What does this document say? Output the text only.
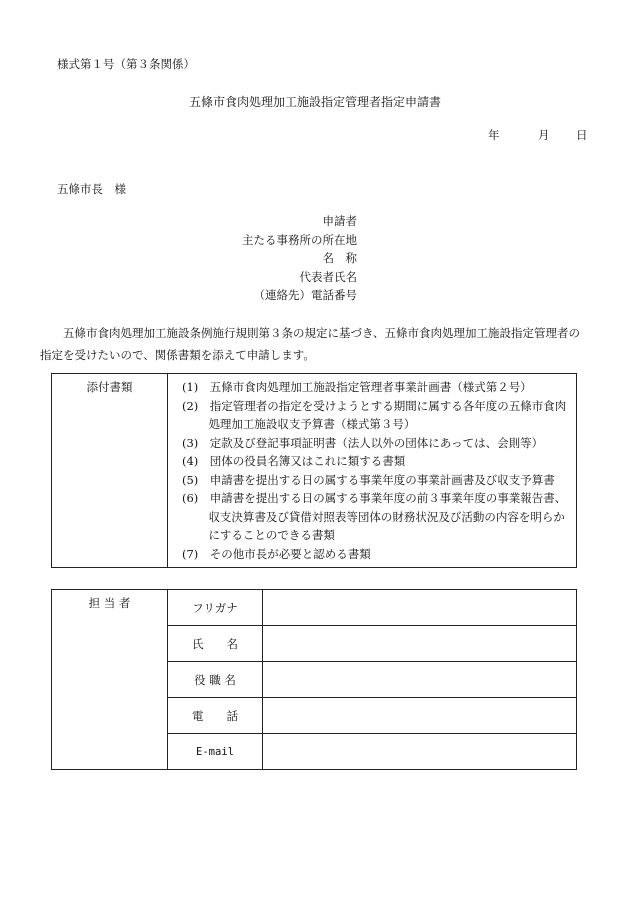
様式第１号（第３条関係）
五條市食肉処理加工施設指定管理者指定申請書
年	月 日
五條市長　様
申請者
主たる事務所の所在地
名　称
代表者氏名
（連絡先）電話番号
五條市食肉処理加工施設条例施行規則第３条の規定に基づき、五條市食肉処理加工施設指定管理者の指定を受けたいので、関係書類を添えて申請します。
添付書類	(1)　五條市食肉処理加工施設指定管理者事業計画書（様式第２号）
(2)　指定管理者の指定を受けようとする期間に属する各年度の五條市食肉処理加工施設収支予算書（様式第３号）
(3)　定款及び登記事項証明書（法人以外の団体にあっては、会則等）
(4)　団体の役員名簿又はこれに類する書類
(5)　申請書を提出する日の属する事業年度の事業計画書及び収支予算書
(6)　申請書を提出する日の属する事業年度の前３事業年度の事業報告書、収支決算書及び貸借対照表等団体の財務状況及び活動の内容を明らかにすることのできる書類
(7)　その他市長が必要と認める書類
担 当 者	フリガナ	
	氏　　名	
	役 職 名	
	電　　話	
	E-mail	
